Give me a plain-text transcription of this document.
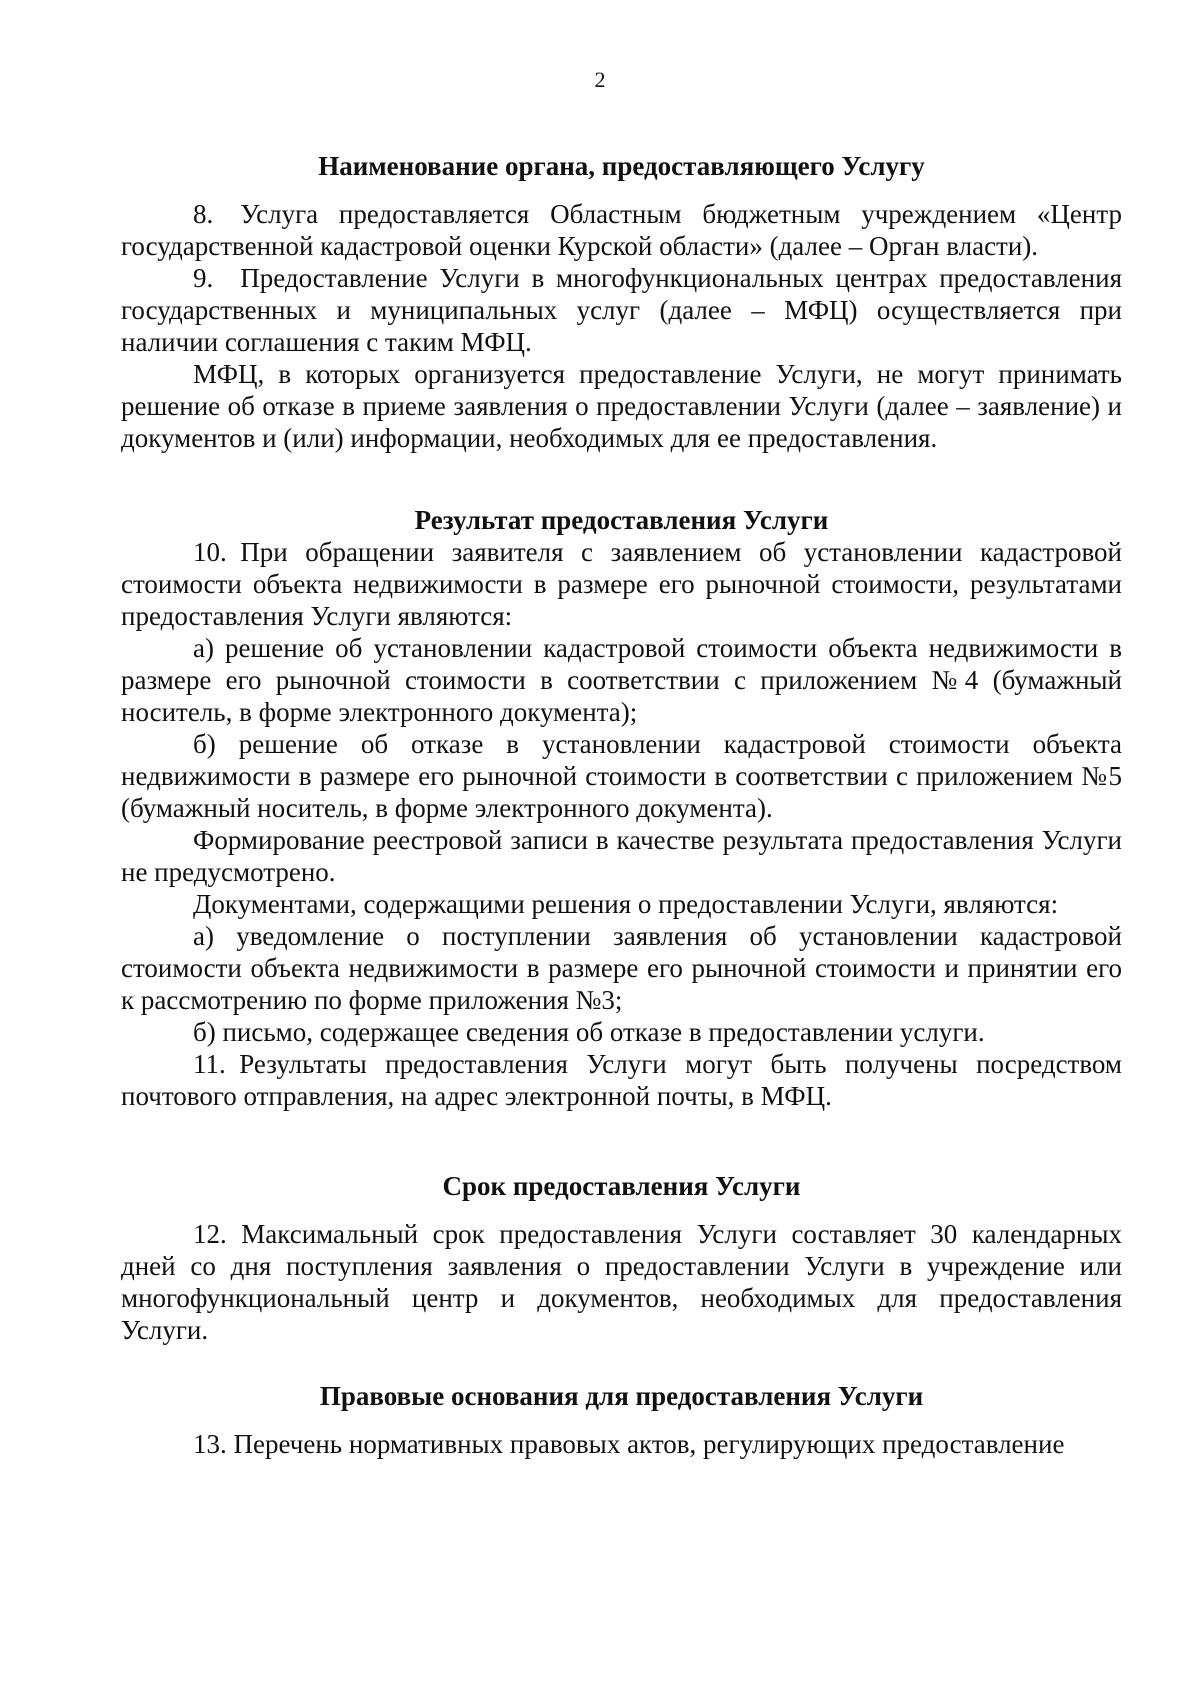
2
Наименование органа, предоставляющего Услугу

8. Услуга предоставляется Областным бюджетным учреждением «Центр государственной кадастровой оценки Курской области» (далее – Орган власти).

9. Предоставление Услуги в многофункциональных центрах предоставления государственных и муниципальных услуг (далее – МФЦ) осуществляется при наличии соглашения с таким МФЦ.

МФЦ, в которых организуется предоставление Услуги, не могут принимать решение об отказе в приеме заявления о предоставлении Услуги (далее – заявление) и документов и (или) информации, необходимых для ее предоставления.

Результат предоставления Услуги

10. При обращении заявителя с заявлением об установлении кадастровой стоимости объекта недвижимости в размере его рыночной стоимости, результатами предоставления Услуги являются:

а) решение об установлении кадастровой стоимости объекта недвижимости в размере его рыночной стоимости в соответствии с приложением №4 (бумажный носитель, в форме электронного документа);

б) решение об отказе в установлении кадастровой стоимости объекта недвижимости в размере его рыночной стоимости в соответствии с приложением №5 (бумажный носитель, в форме электронного документа).

Формирование реестровой записи в качестве результата предоставления Услуги не предусмотрено.

Документами, содержащими решения о предоставлении Услуги, являются:

а) уведомление о поступлении заявления об установлении кадастровой стоимости объекта недвижимости в размере его рыночной стоимости и принятии его к рассмотрению по форме приложения №3;

б) письмо, содержащее сведения об отказе в предоставлении услуги.

11. Результаты предоставления Услуги могут быть получены посредством почтового отправления, на адрес электронной почты, в МФЦ.

Срок предоставления Услуги

12. Максимальный срок предоставления Услуги составляет 30 календарных дней со дня поступления заявления о предоставлении Услуги в учреждение или многофункциональный центр и документов, необходимых для предоставления Услуги.

Правовые основания для предоставления Услуги

13. Перечень нормативных правовых актов, регулирующих предоставление
